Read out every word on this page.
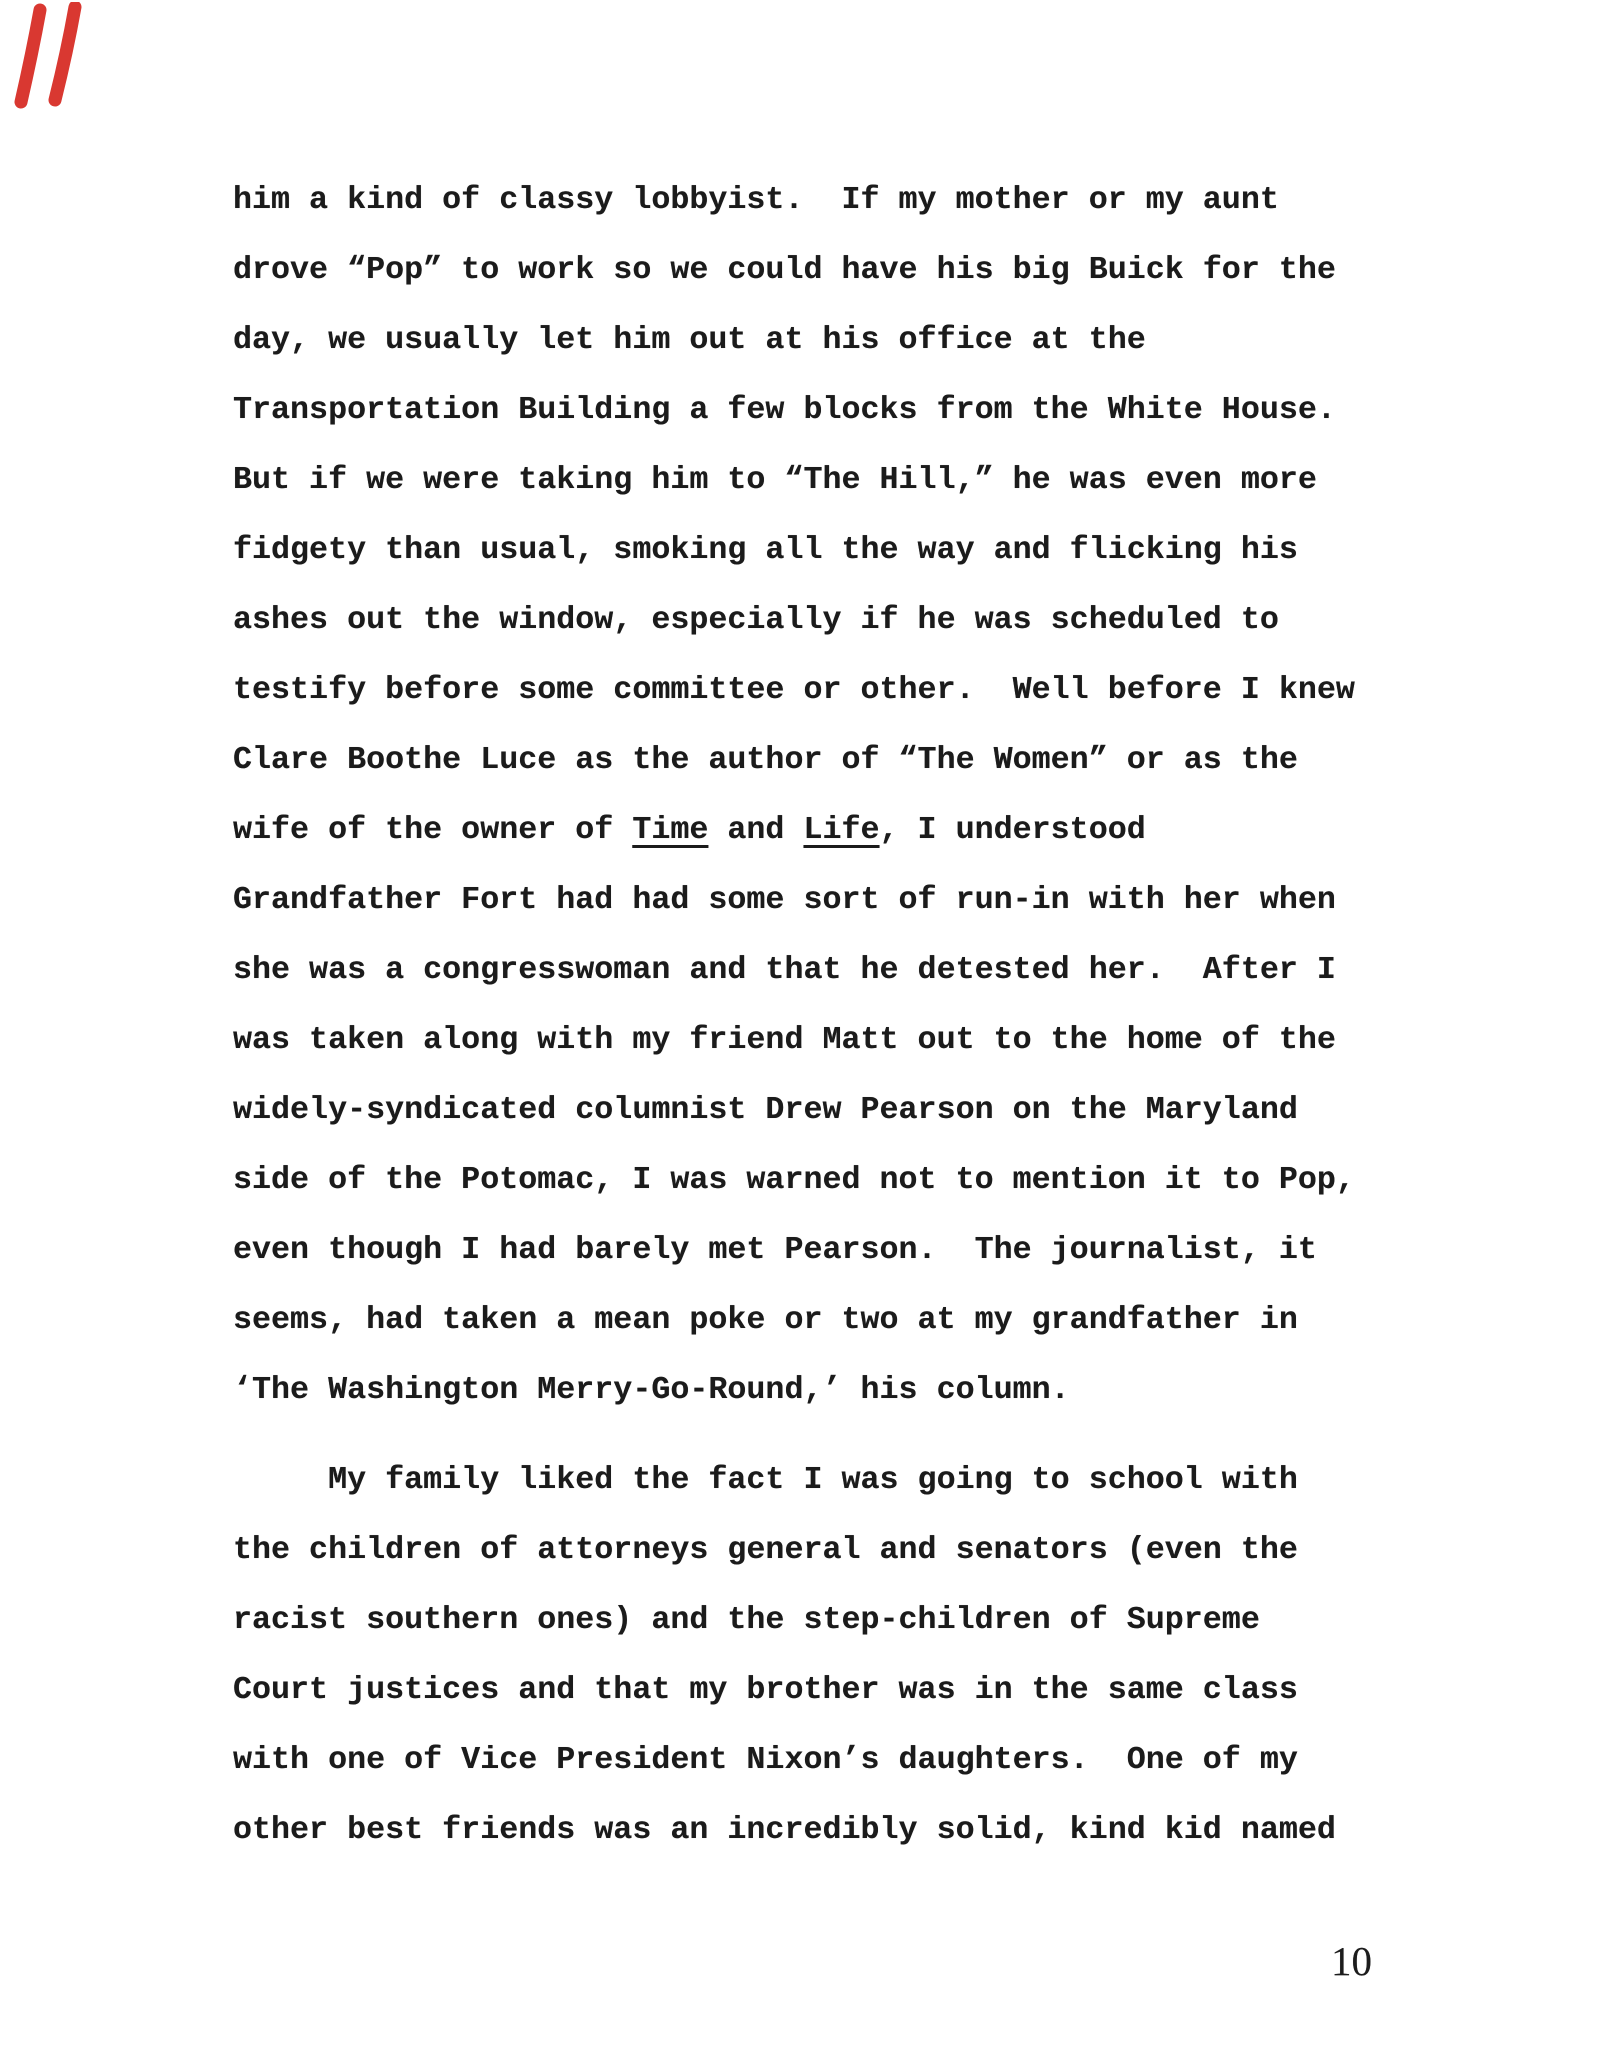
him a kind of classy lobbyist.  If my mother or my aunt
drove “Pop” to work so we could have his big Buick for the
day, we usually let him out at his office at the
Transportation Building a few blocks from the White House.
But if we were taking him to “The Hill,” he was even more
fidgety than usual, smoking all the way and flicking his
ashes out the window, especially if he was scheduled to
testify before some committee or other.  Well before I knew
Clare Boothe Luce as the author of “The Women” or as the
wife of the owner of Time and Life, I understood
Grandfather Fort had had some sort of run-in with her when
she was a congresswoman and that he detested her.  After I
was taken along with my friend Matt out to the home of the
widely-syndicated columnist Drew Pearson on the Maryland
side of the Potomac, I was warned not to mention it to Pop,
even though I had barely met Pearson.  The journalist, it
seems, had taken a mean poke or two at my grandfather in
‘The Washington Merry-Go-Round,’ his column.
My family liked the fact I was going to school with
the children of attorneys general and senators (even the
racist southern ones) and the step-children of Supreme
Court justices and that my brother was in the same class
with one of Vice President Nixon’s daughters.  One of my
other best friends was an incredibly solid, kind kid named
10
